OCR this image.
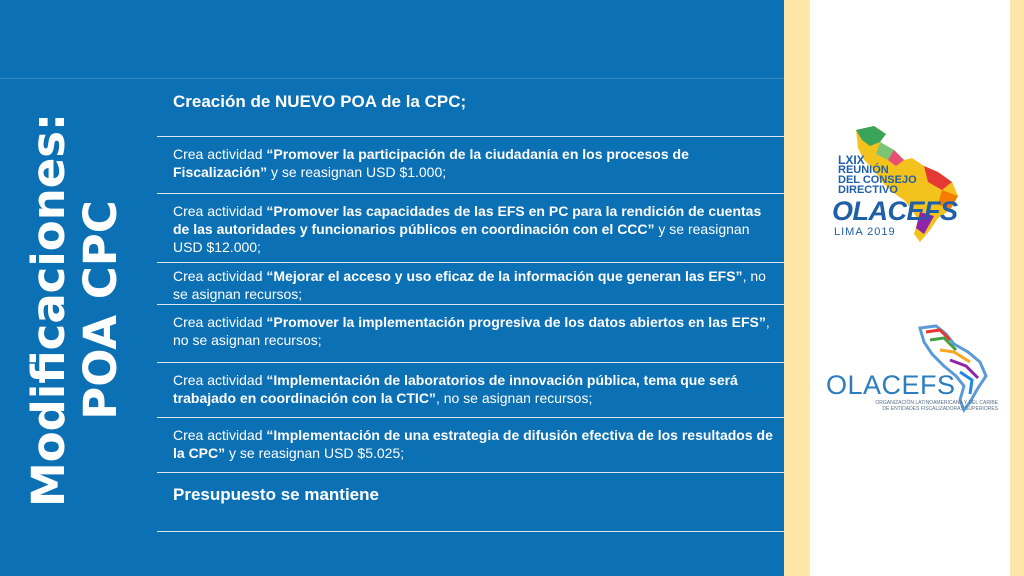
Modificaciones: POA CPC
Creación de NUEVO POA de la CPC;
Crea actividad “Promover la participación de la ciudadanía en los procesos de Fiscalización” y se reasignan USD $1.000;
Crea actividad “Promover las capacidades de las EFS en PC para la rendición de cuentas de las autoridades y funcionarios públicos en coordinación con el CCC” y se reasignan USD $12.000;
Crea actividad “Mejorar el acceso y uso eficaz de la información que generan las EFS”, no se asignan recursos;
Crea actividad “Promover la implementación progresiva de los datos abiertos en las EFS”, no se asignan recursos;
Crea actividad “Implementación de laboratorios de innovación pública, tema que será trabajado en coordinación con la CTIC”, no se asignan recursos;
Crea actividad “Implementación de una estrategia de difusión efectiva de los resultados de la CPC” y se reasignan USD $5.025;
Presupuesto se mantiene
LXIX
REUNIÓN
DEL CONSEJO
DIRECTIVO
OLACEFS
LIMA 2019
OLACEFS
ORGANIZACIÓN LATINOAMERICANA Y DEL CARIBE
DE ENTIDADES FISCALIZADORAS SUPERIORES
